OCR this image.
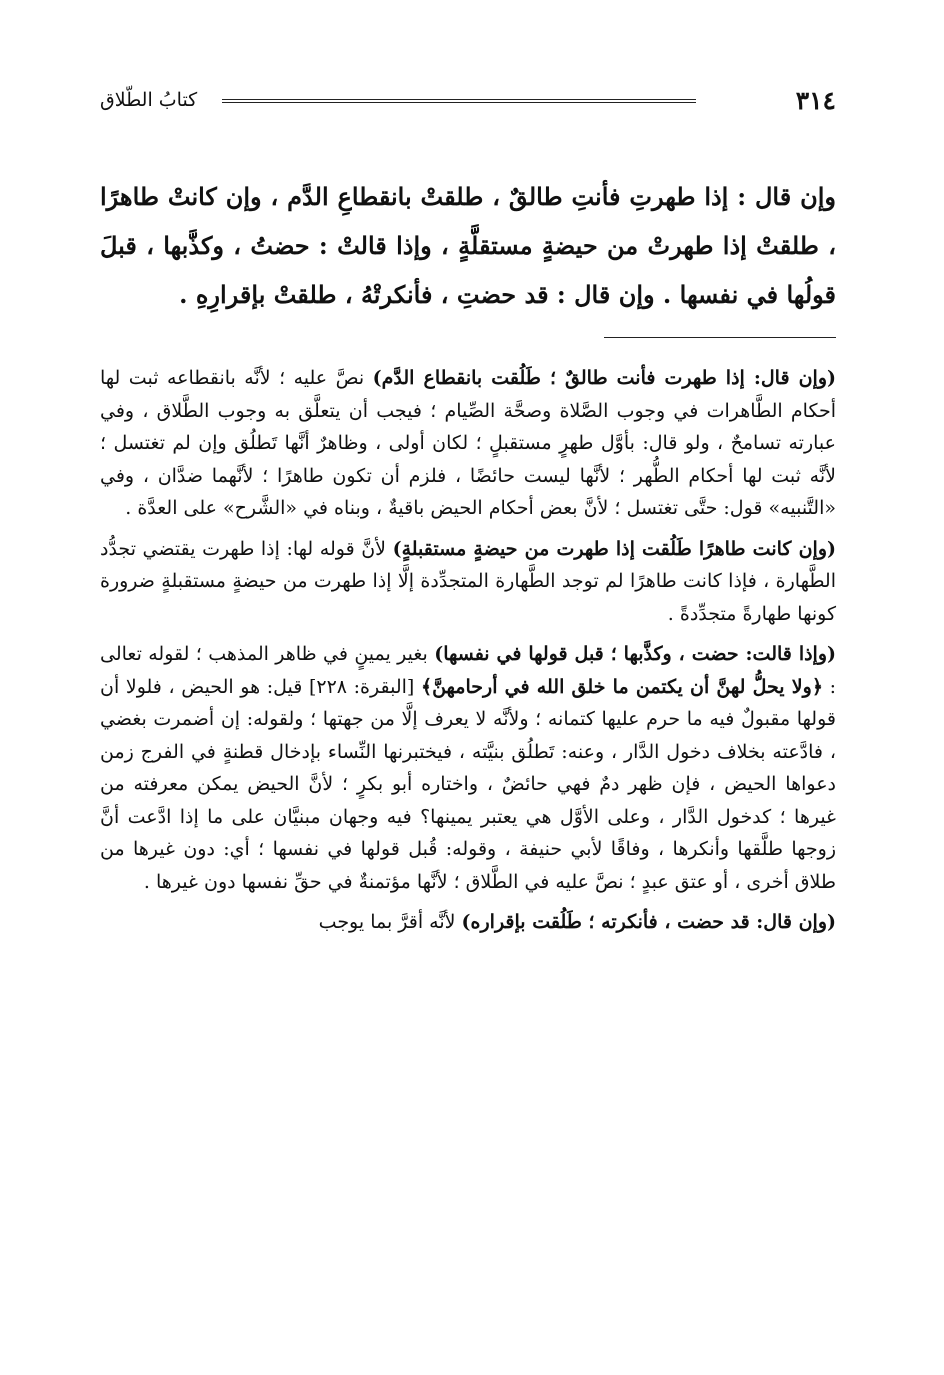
٣١٤
كتابُ الطّلاق
وإن قال : إذا طهرتِ فأنتِ طالقٌ ، طلقتْ بانقطاعِ الدَّم ، وإن كانتْ طاهرًا ، طلقتْ إذا طهرتْ من حيضةٍ مستقلَّةٍ ، وإذا قالتْ : حضتُ ، وكذَّبها ، قبلَ قولُها في نفسها . وإن قال : قد حضتِ ، فأنكرتْهُ ، طلقتْ بإقرارِهِ .

(وإن قال: إذا طهرت فأنت طالقٌ ؛ طَلُقت بانقطاع الدَّم) نصَّ عليه ؛ لأنَّه بانقطاعه ثبت لها أحكام الطَّاهرات في وجوب الصَّلاة وصحَّة الصِّيام ؛ فيجب أن يتعلَّق به وجوب الطَّلاق ، وفي عبارته تسامحٌ ، ولو قال: بأوَّل طهرٍ مستقبلٍ ؛ لكان أولى ، وظاهرٌ أنَّها تَطلُق وإن لم تغتسل ؛ لأنَّه ثبت لها أحكام الطُّهر ؛ لأنَّها ليست حائضًا ، فلزم أن تكون طاهرًا ؛ لأنَّهما ضدَّان ، وفي «التَّنبيه» قول: حتَّى تغتسل ؛ لأنَّ بعض أحكام الحيض باقيةٌ ، وبناه في «الشَّرح» على العدَّة .

(وإن كانت طاهرًا طَلُقت إذا طهرت من حيضةٍ مستقبلةٍ) لأنَّ قوله لها: إذا طهرت يقتضي تجدُّد الطَّهارة ، فإذا كانت طاهرًا لم توجد الطَّهارة المتجدِّدة إلَّا إذا طهرت من حيضةٍ مستقبلةٍ ضرورة كونها طهارةً متجدِّدةً .

(وإذا قالت: حضت ، وكذَّبها ؛ قبل قولها في نفسها) بغير يمينٍ في ظاهر المذهب ؛ لقوله تعالى : ﴿ولا يحلُّ لهنَّ أن يكتمن ما خلق الله في أرحامهنَّ﴾ [البقرة: ٢٢٨] قيل: هو الحيض ، فلولا أن قولها مقبولٌ فيه ما حرم عليها كتمانه ؛ ولأنَّه لا يعرف إلَّا من جهتها ؛ ولقوله: إن أضمرت بغضي ، فادَّعته بخلاف دخول الدَّار ، وعنه: تَطلُق بنيَّته ، فيختبرنها النِّساء بإدخال قطنةٍ في الفرج زمن دعواها الحيض ، فإن ظهر دمٌ فهي حائضٌ ، واختاره أبو بكرٍ ؛ لأنَّ الحيض يمكن معرفته من غيرها ؛ كدخول الدَّار ، وعلى الأوَّل هي يعتبر يمينها؟ فيه وجهان مبنيَّان على ما إذا ادَّعت أنَّ زوجها طلَّقها وأنكرها ، وفاقًا لأبي حنيفة ، وقوله: قُبل قولها في نفسها ؛ أي: دون غيرها من طلاق أخرى ، أو عتق عبدٍ ؛ نصَّ عليه في الطَّلاق ؛ لأنَّها مؤتمنةٌ في حقِّ نفسها دون غيرها .

(وإن قال: قد حضت ، فأنكرته ؛ طَلُقت بإقراره) لأنَّه أقرَّ بما يوجب
